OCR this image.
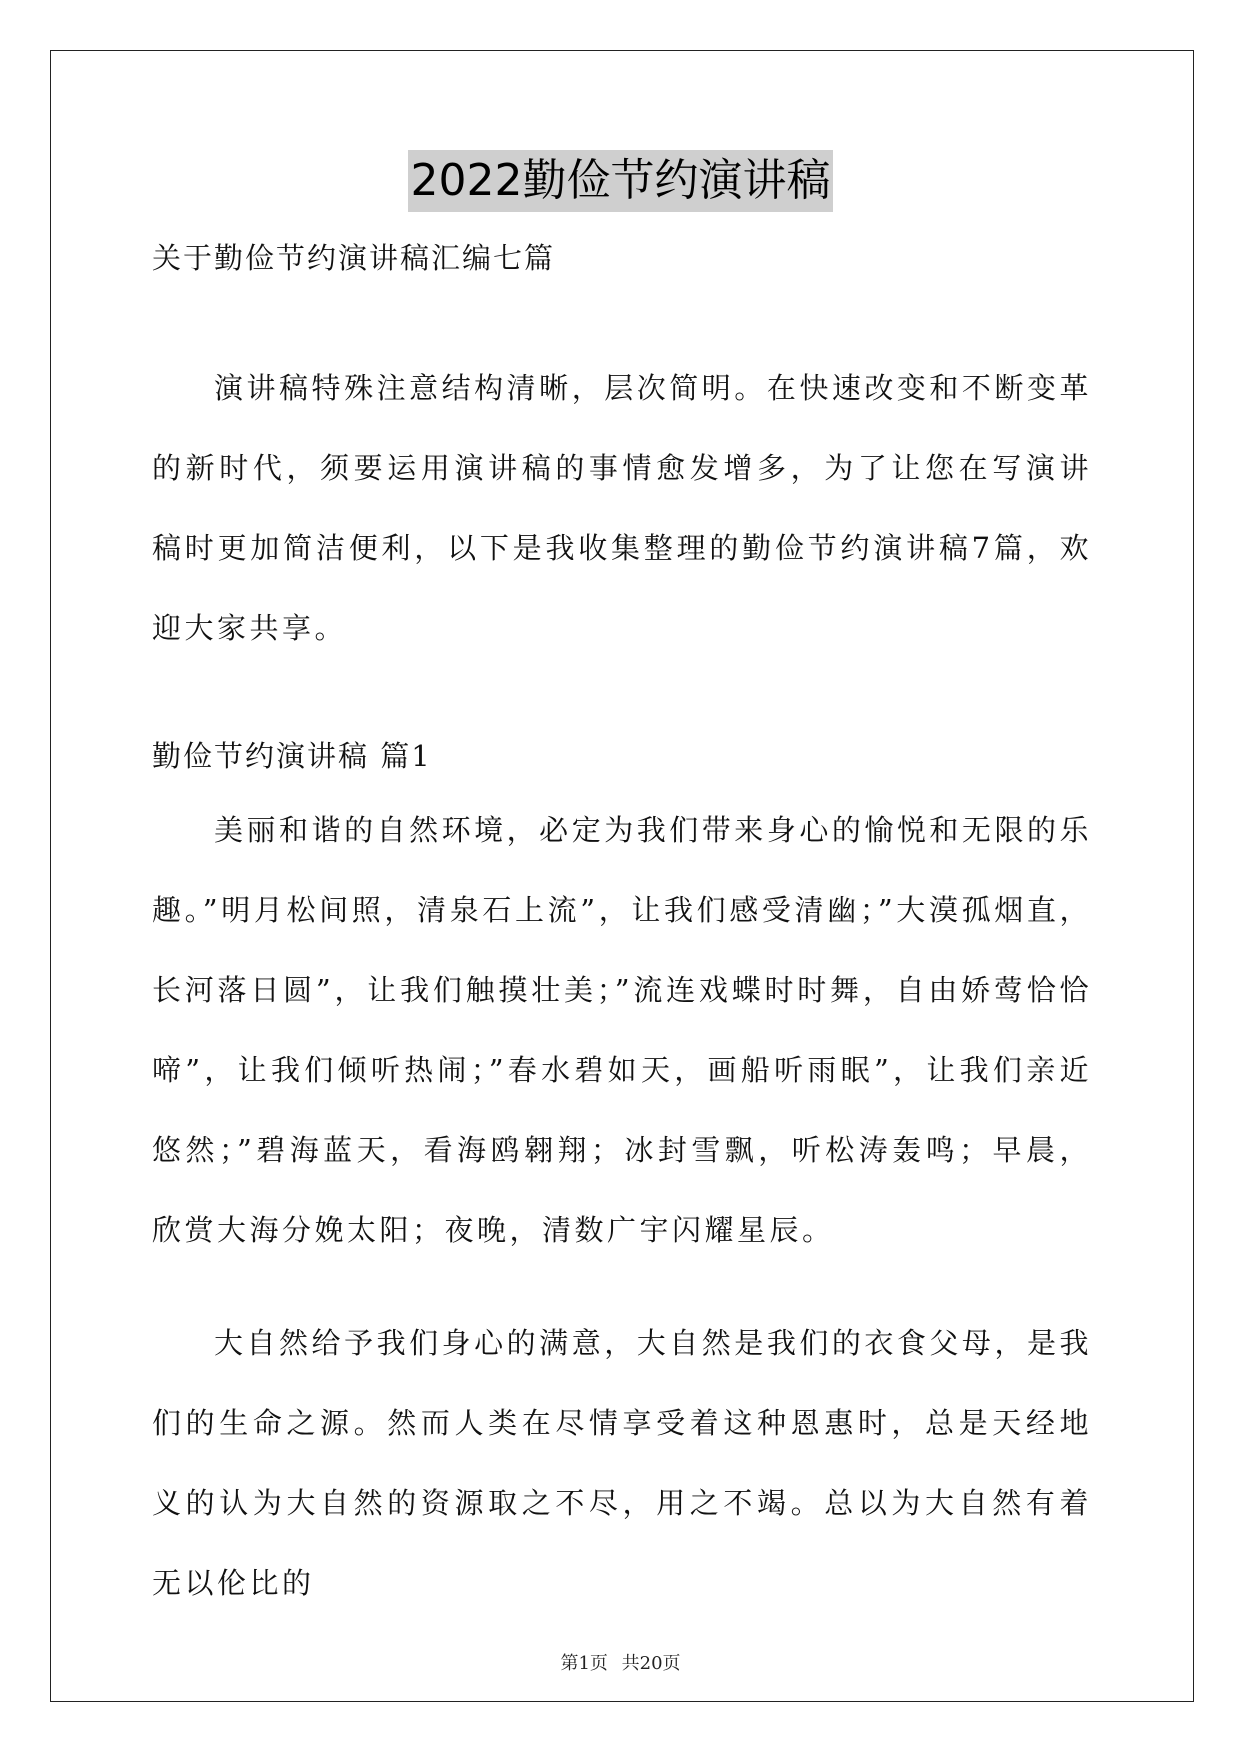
2022勤俭节约演讲稿
关于勤俭节约演讲稿汇编七篇
演讲稿特殊注意结构清晰，层次简明。在快速改变和不断变革的新时代，须要运用演讲稿的事情愈发增多，为了让您在写演讲稿时更加简洁便利，以下是我收集整理的勤俭节约演讲稿7篇，欢迎大家共享。
勤俭节约演讲稿 篇1
美丽和谐的自然环境，必定为我们带来身心的愉悦和无限的乐趣。”明月松间照，清泉石上流”，让我们感受清幽；”大漠孤烟直，长河落日圆”，让我们触摸壮美；”流连戏蝶时时舞，自由娇莺恰恰啼”，让我们倾听热闹；”春水碧如天，画船听雨眠”，让我们亲近悠然；”碧海蓝天，看海鸥翱翔；冰封雪飘，听松涛轰鸣；早晨，欣赏大海分娩太阳；夜晚，清数广宇闪耀星辰。
大自然给予我们身心的满意，大自然是我们的衣食父母，是我们的生命之源。然而人类在尽情享受着这种恩惠时，总是天经地义的认为大自然的资源取之不尽，用之不竭。总以为大自然有着无以伦比的
第1页 共20页
